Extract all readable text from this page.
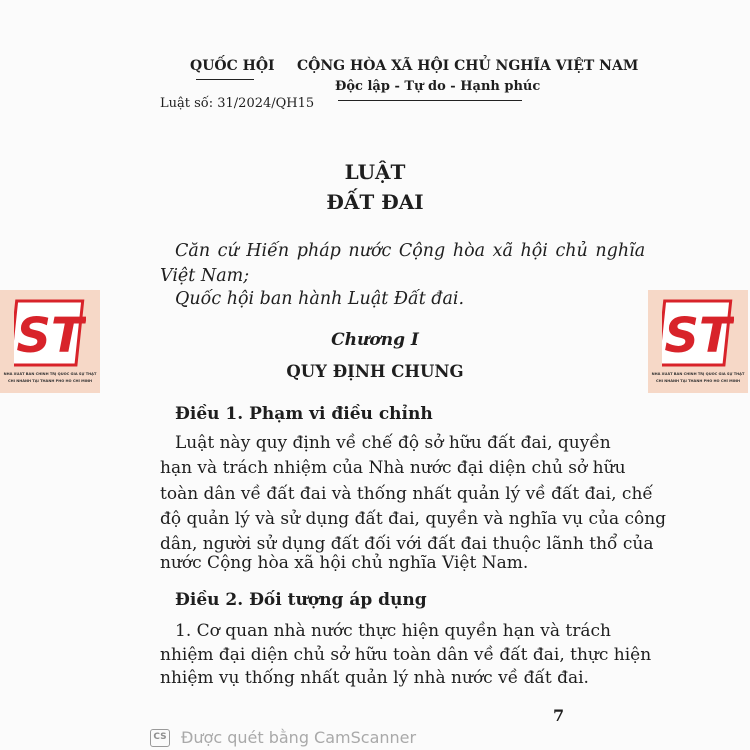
QUỐC HỘI CỘNG HÒA XÃ HỘI CHỦ NGHĨA VIỆT NAM
Độc lập - Tự do - Hạnh phúc
Luật số: 31/2024/QH15
LUẬT
ĐẤT ĐAI
Căn cứ Hiến pháp nước Cộng hòa xã hội chủ nghĩa
Việt Nam;
Quốc hội ban hành Luật Đất đai.
Chương I
QUY ĐỊNH CHUNG
Điều 1. Phạm vi điều chỉnh
Luật này quy định về chế độ sở hữu đất đai, quyền
hạn và trách nhiệm của Nhà nước đại diện chủ sở hữu
toàn dân về đất đai và thống nhất quản lý về đất đai, chế
độ quản lý và sử dụng đất đai, quyền và nghĩa vụ của công
dân, người sử dụng đất đối với đất đai thuộc lãnh thổ của
nước Cộng hòa xã hội chủ nghĩa Việt Nam.
Điều 2. Đối tượng áp dụng
1. Cơ quan nhà nước thực hiện quyền hạn và trách
nhiệm đại diện chủ sở hữu toàn dân về đất đai, thực hiện
nhiệm vụ thống nhất quản lý nhà nước về đất đai.
7
ST
NHÀ XUẤT BẢN CHÍNH TRỊ QUỐC GIA SỰ THẬT
CHI NHÁNH TẠI THÀNH PHỐ HỒ CHÍ MINH
ST
NHÀ XUẤT BẢN CHÍNH TRỊ QUỐC GIA SỰ THẬT
CHI NHÁNH TẠI THÀNH PHỐ HỒ CHÍ MINH
CS Được quét bằng CamScanner
